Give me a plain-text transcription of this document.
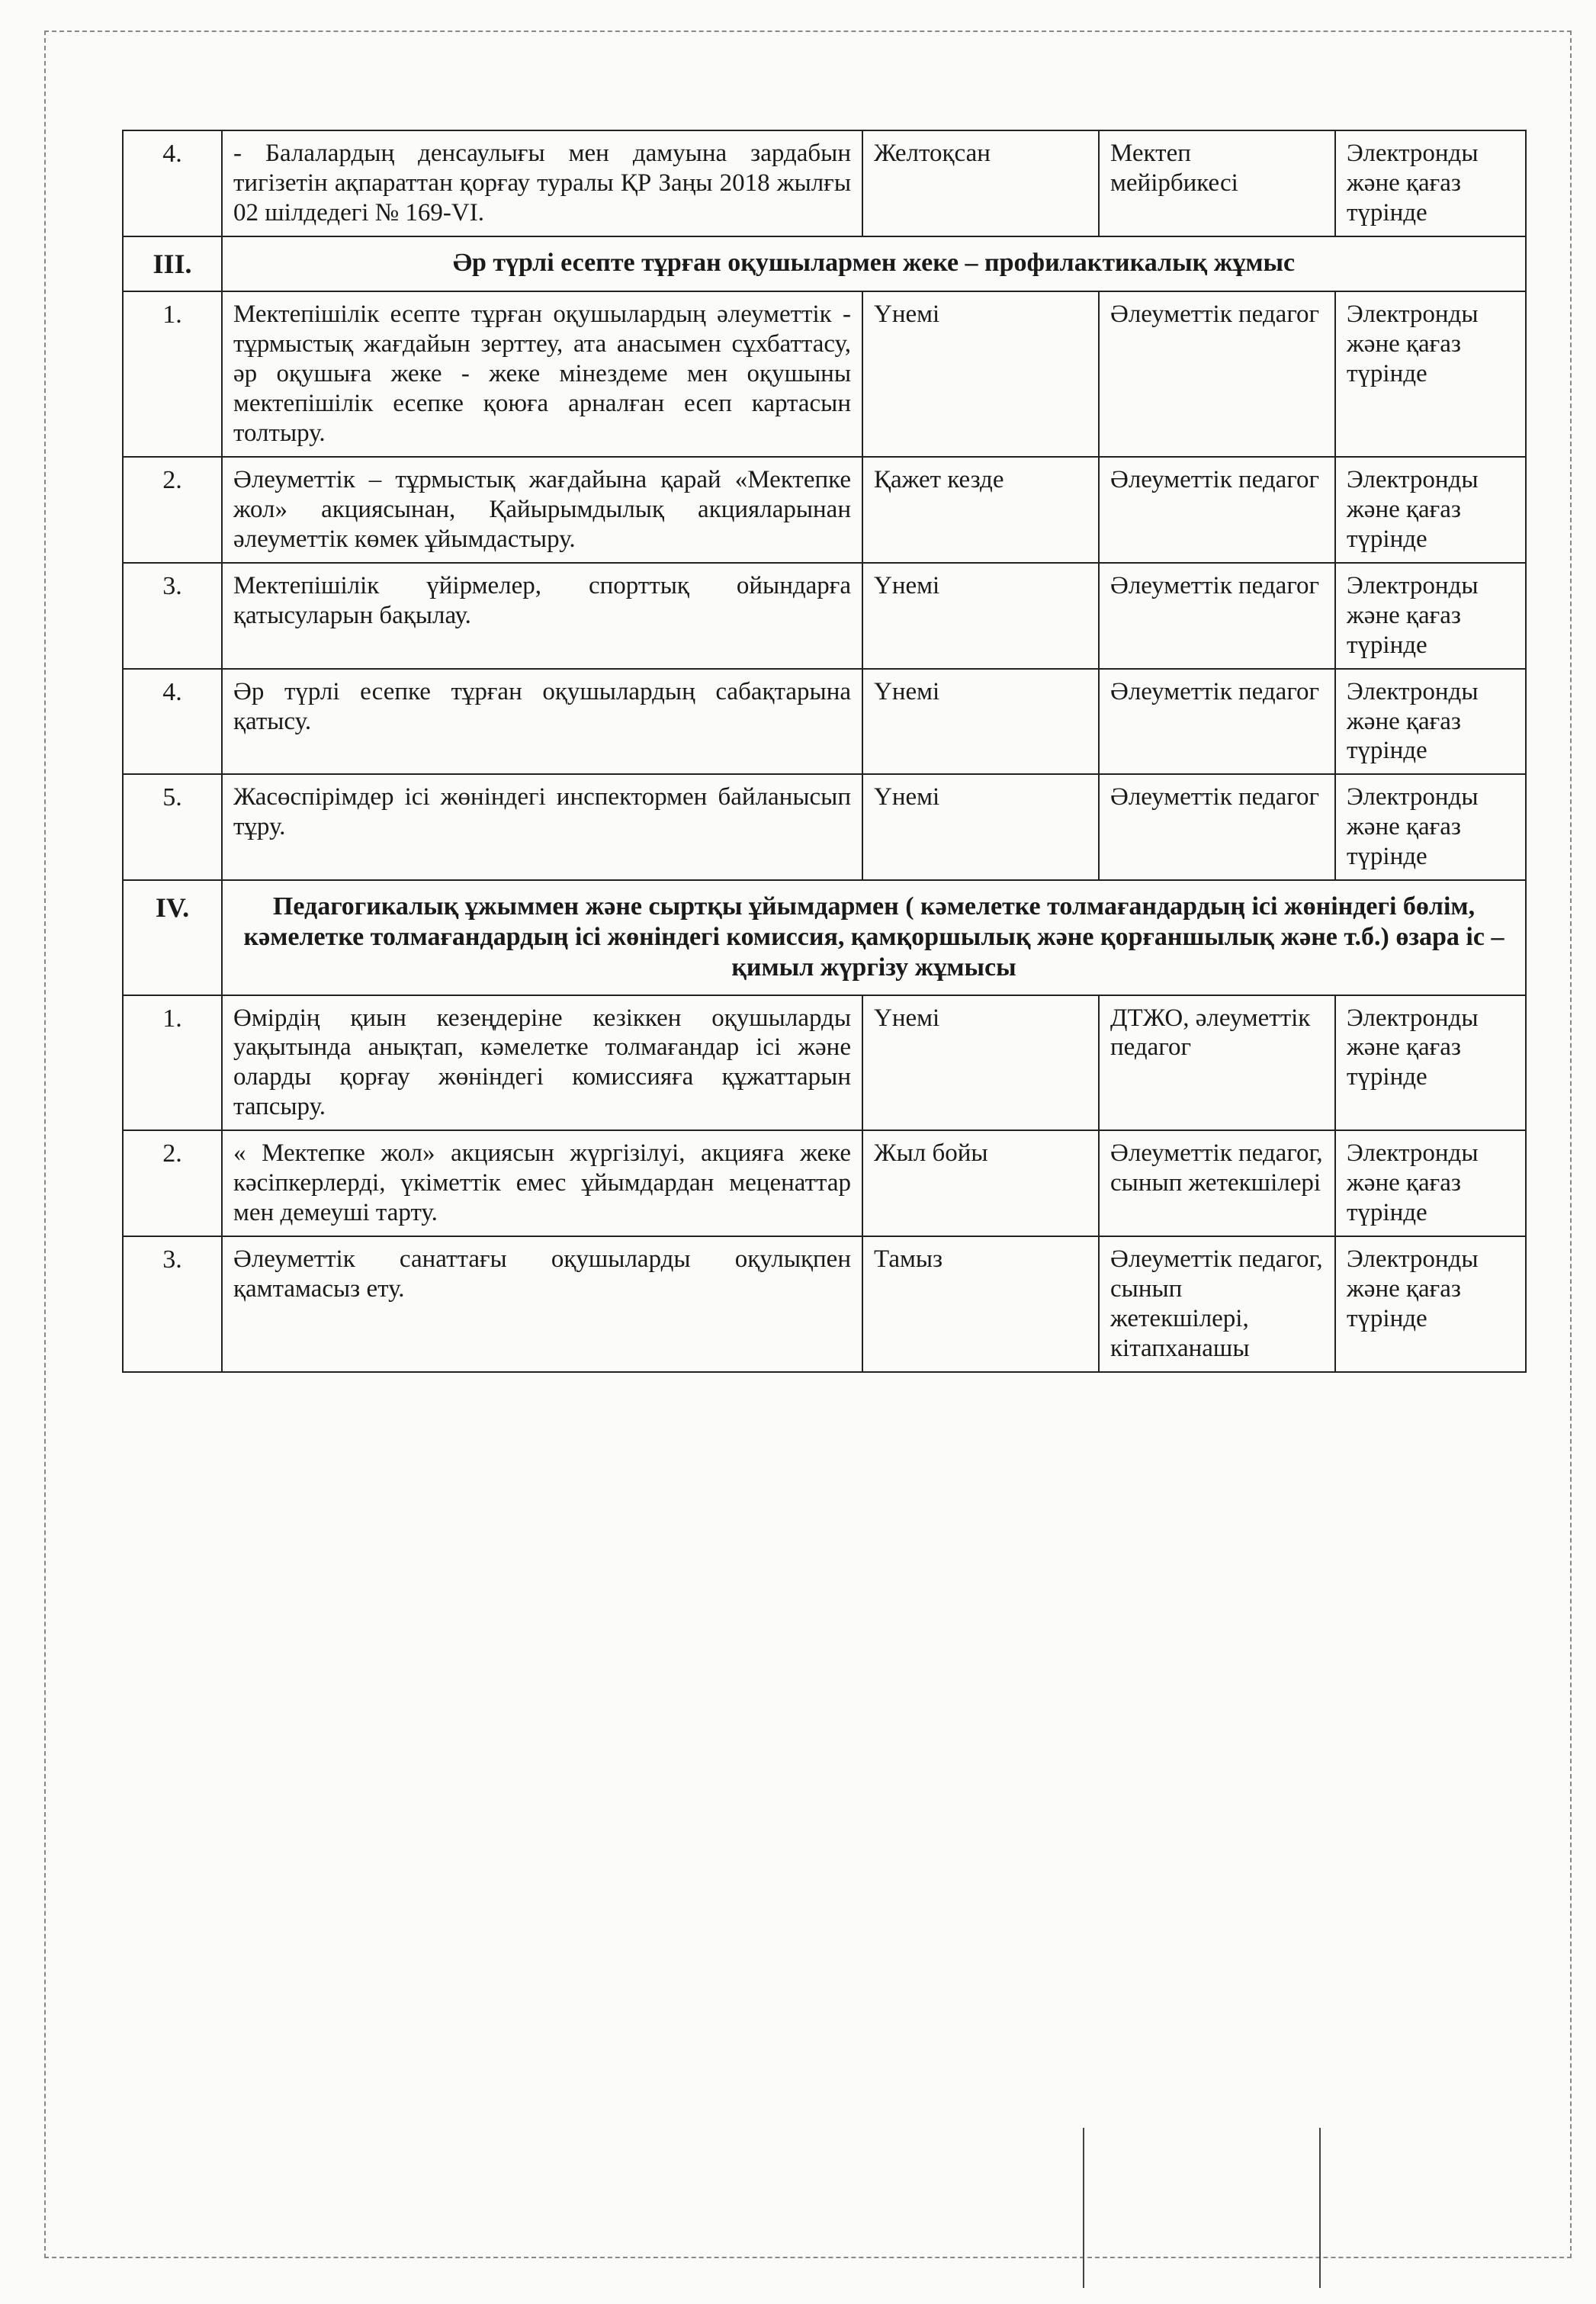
4.	- Балалардың денсаулығы мен дамуына зардабын тигізетін ақпараттан қорғау туралы ҚР Заңы 2018 жылғы 02 шілдедегі № 169-VI.	Желтоқсан	Мектеп мейірбикесі	Электронды және қағаз түрінде
III.	Әр түрлі есепте тұрған оқушылармен жеке – профилактикалық жұмыс			
1.	Мектепішілік есепте тұрған оқушылардың әлеуметтік - тұрмыстық жағдайын зерттеу, ата анасымен сұхбаттасу, әр оқушыға жеке - жеке мінездеме мен оқушыны мектепішілік есепке қоюға арналған есеп картасын толтыру.	Үнемі	Әлеуметтік педагог	Электронды және қағаз түрінде
2.	Әлеуметтік – тұрмыстық жағдайына қарай «Мектепке жол» акциясынан, Қайырымдылық акцияларынан әлеуметтік көмек ұйымдастыру.	Қажет кезде	Әлеуметтік педагог	Электронды және қағаз түрінде
3.	Мектепішілік үйірмелер, спорттық ойындарға қатысуларын бақылау.	Үнемі	Әлеуметтік педагог	Электронды және қағаз түрінде
4.	Әр түрлі есепке тұрған оқушылардың сабақтарына қатысу.	Үнемі	Әлеуметтік педагог	Электронды және қағаз түрінде
5.	Жасөспірімдер ісі жөніндегі инспектормен байланысып тұру.	Үнемі	Әлеуметтік педагог	Электронды және қағаз түрінде
IV.	Педагогикалық ұжыммен және сыртқы ұйымдармен ( кәмелетке толмағандардың ісі жөніндегі бөлім, кәмелетке толмағандардың ісі жөніндегі комиссия, қамқоршылық және қорғаншылық және т.б.) өзара іс – қимыл жүргізу жұмысы			
1.	Өмірдің қиын кезеңдеріне кезіккен оқушыларды уақытында анықтап, кәмелетке толмағандар ісі және оларды қорғау жөніндегі комиссияға құжаттарын тапсыру.	Үнемі	ДТЖО, әлеуметтік педагог	Электронды және қағаз түрінде
2.	« Мектепке жол» акциясын жүргізілуі, акцияға жеке кәсіпкерлерді, үкіметтік емес ұйымдардан меценаттар мен демеуші тарту.	Жыл бойы	Әлеуметтік педагог, сынып жетекшілері	Электронды және қағаз түрінде
3.	Әлеуметтік санаттағы оқушыларды оқулықпен қамтамасыз ету.	Тамыз	Әлеуметтік педагог, сынып жетекшілері, кітапханашы	Электронды және қағаз түрінде
